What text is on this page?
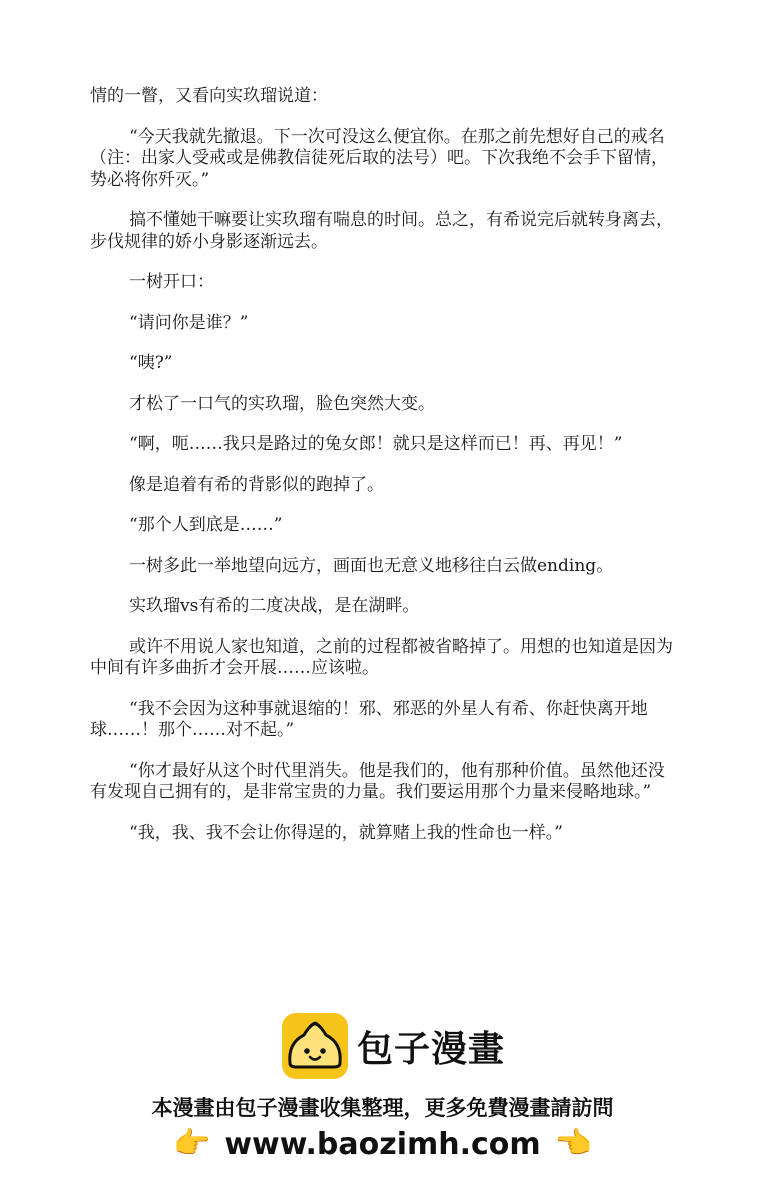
情的一瞥，又看向实玖瑠说道：

“今天我就先撤退。下一次可没这么便宜你。在那之前先想好自己的戒名（注：出家人受戒或是佛教信徒死后取的法号）吧。下次我绝不会手下留情，势必将你歼灭。”

搞不懂她干嘛要让实玖瑠有喘息的时间。总之，有希说完后就转身离去，步伐规律的娇小身影逐渐远去。

一树开口：

“请问你是谁？”

“咦?”

才松了一口气的实玖瑠，脸色突然大变。

“啊，呃……我只是路过的兔女郎！就只是这样而已！再、再见！”

像是追着有希的背影似的跑掉了。

“那个人到底是……”

一树多此一举地望向远方，画面也无意义地移往白云做ending。

实玖瑠vs有希的二度决战，是在湖畔。

或许不用说人家也知道，之前的过程都被省略掉了。用想的也知道是因为中间有许多曲折才会开展……应该啦。

“我不会因为这种事就退缩的！邪、邪恶的外星人有希、你赶快离开地球……！那个……对不起。”

“你才最好从这个时代里消失。他是我们的，他有那种价值。虽然他还没有发现自己拥有的，是非常宝贵的力量。我们要运用那个力量来侵略地球。”

“我，我、我不会让你得逞的，就算赌上我的性命也一样。”

包子漫畫
本漫畫由包子漫畫收集整理，更多免費漫畫請訪問
👉 www.baozimh.com 👈
